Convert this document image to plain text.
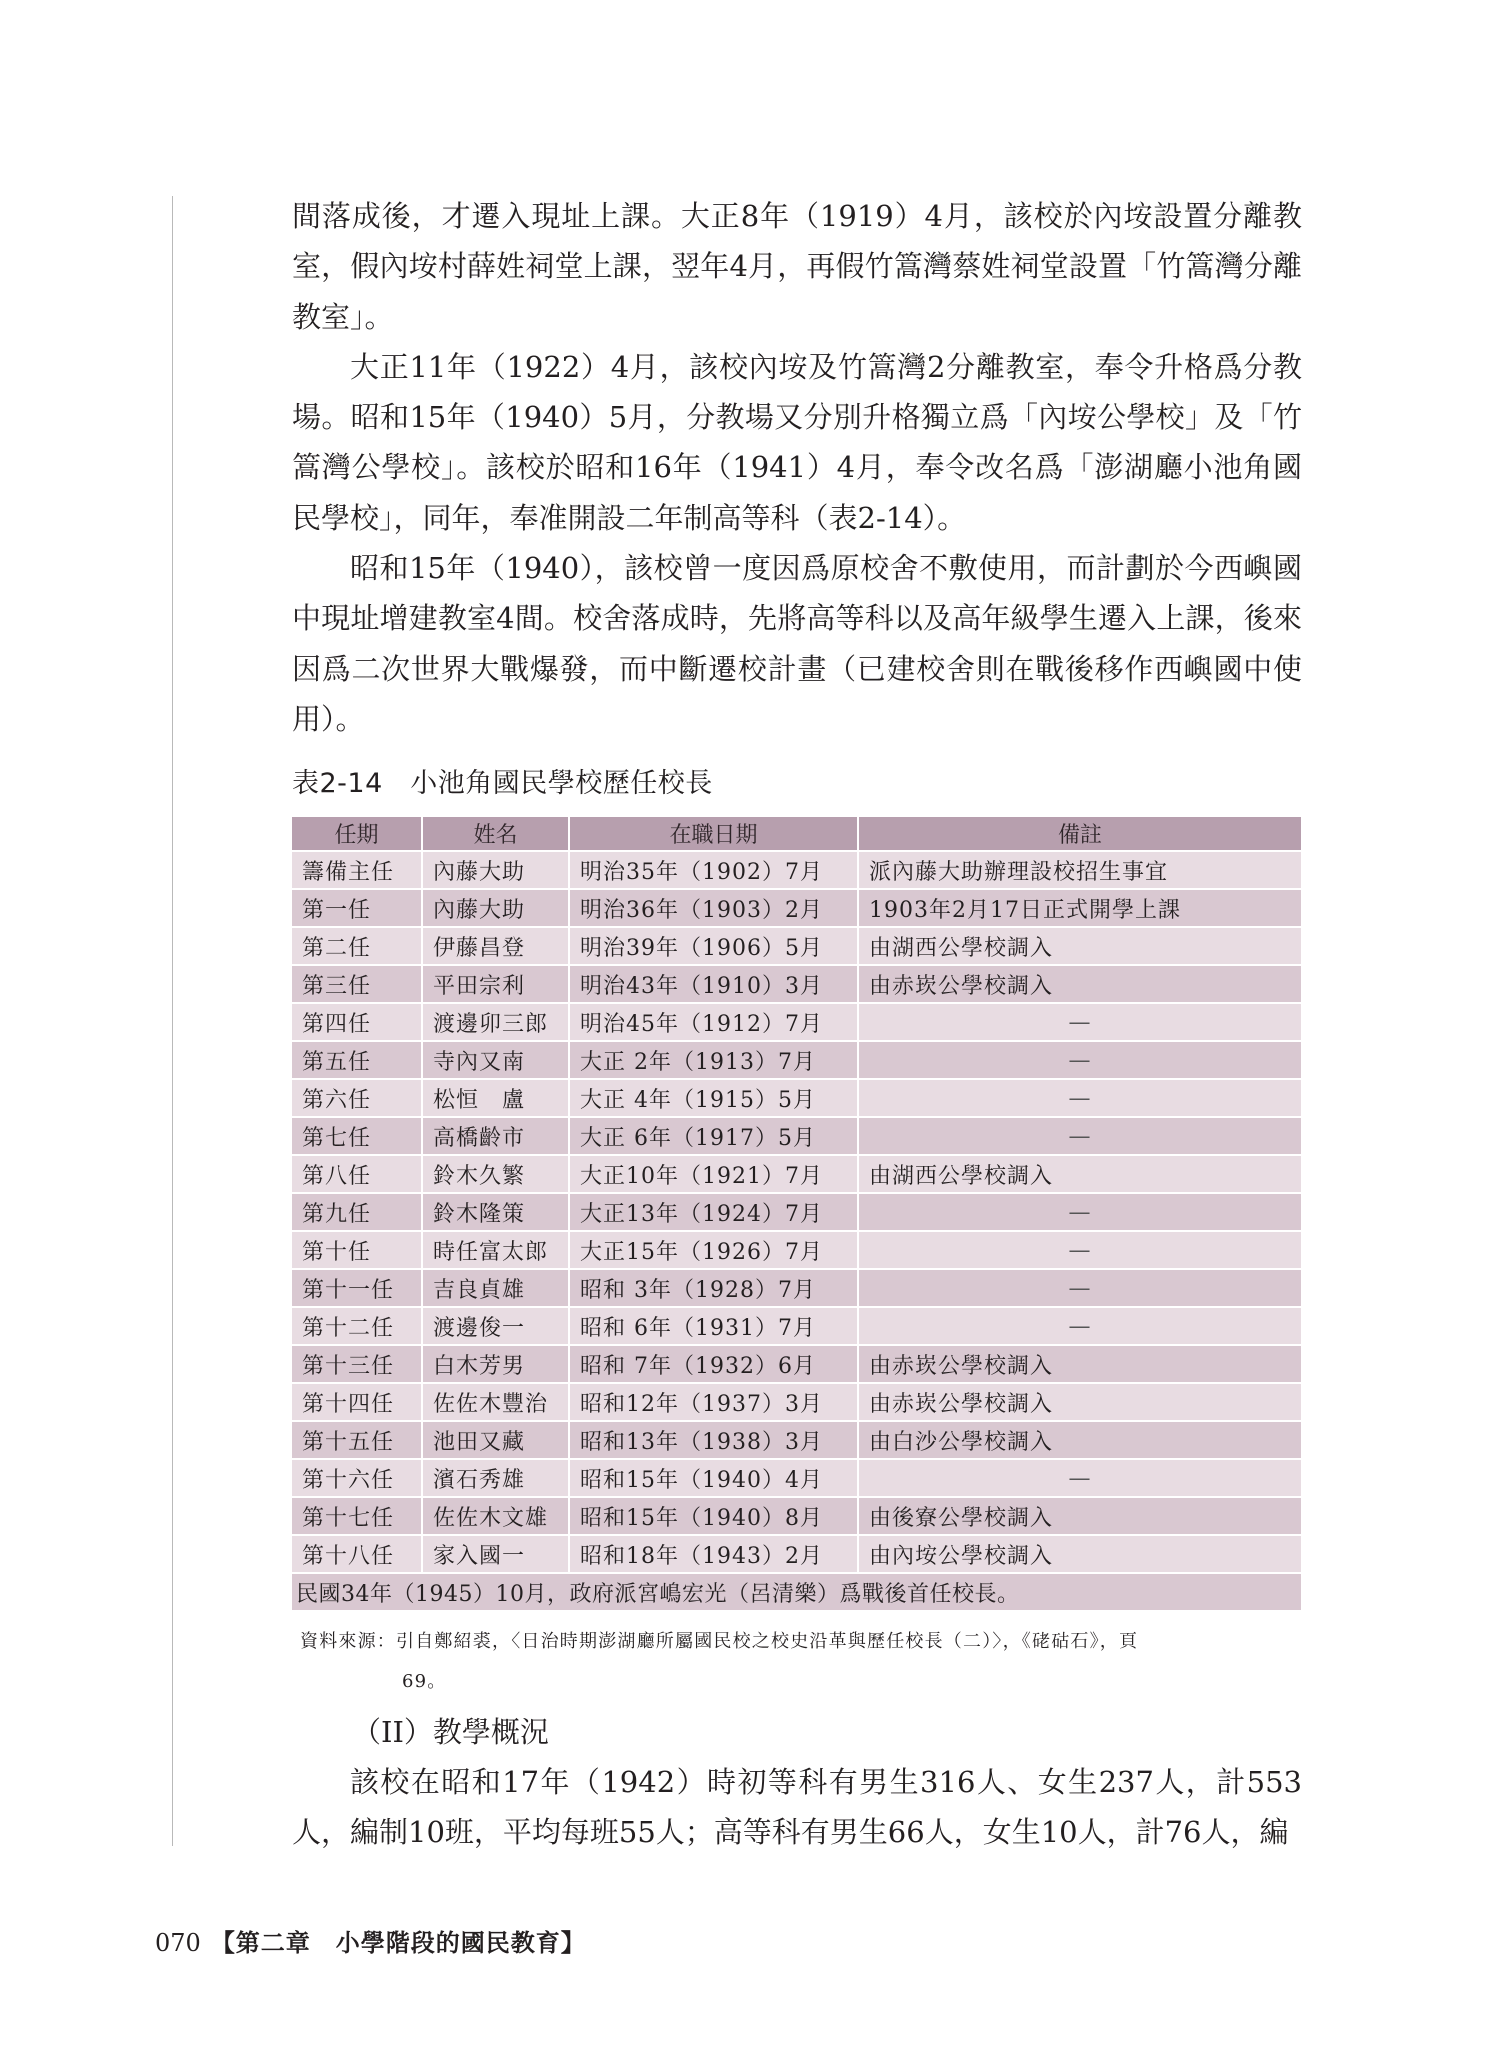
間落成後，才遷入現址上課。大正8年（1919）4月，該校於內垵設置分離教室，假內垵村薛姓祠堂上課，翌年4月，再假竹篙灣蔡姓祠堂設置「竹篙灣分離教室」。

大正11年（1922）4月，該校內垵及竹篙灣2分離教室，奉令升格爲分教場。昭和15年（1940）5月，分教場又分別升格獨立爲「內垵公學校」及「竹篙灣公學校」。該校於昭和16年（1941）4月，奉令改名爲「澎湖廳小池角國民學校」，同年，奉准開設二年制高等科（表2-14）。

昭和15年（1940），該校曾一度因爲原校舍不敷使用，而計劃於今西嶼國中現址增建教室4間。校舍落成時，先將高等科以及高年級學生遷入上課，後來因爲二次世界大戰爆發，而中斷遷校計畫（已建校舍則在戰後移作西嶼國中使用）。

表2-14　小池角國民學校歷任校長
任期	姓名	在職日期	備註
籌備主任	內藤大助	明治35年（1902）7月	派內藤大助辦理設校招生事宜
第一任	內藤大助	明治36年（1903）2月	1903年2月17日正式開學上課
第二任	伊藤昌登	明治39年（1906）5月	由湖西公學校調入
第三任	平田宗利	明治43年（1910）3月	由赤崁公學校調入
第四任	渡邊卯三郎	明治45年（1912）7月	—
第五任	寺內又南	大正 2年（1913）7月	—
第六任	松恒　盧	大正 4年（1915）5月	—
第七任	高橋齡市	大正 6年（1917）5月	—
第八任	鈴木久繁	大正10年（1921）7月	由湖西公學校調入
第九任	鈴木隆策	大正13年（1924）7月	—
第十任	時任富太郎	大正15年（1926）7月	—
第十一任	吉良貞雄	昭和 3年（1928）7月	—
第十二任	渡邊俊一	昭和 6年（1931）7月	—
第十三任	白木芳男	昭和 7年（1932）6月	由赤崁公學校調入
第十四任	佐佐木豐治	昭和12年（1937）3月	由赤崁公學校調入
第十五任	池田又藏	昭和13年（1938）3月	由白沙公學校調入
第十六任	濱石秀雄	昭和15年（1940）4月	—
第十七任	佐佐木文雄	昭和15年（1940）8月	由後寮公學校調入
第十八任	家入國一	昭和18年（1943）2月	由內垵公學校調入
民國34年（1945）10月，政府派宮嶋宏光（呂清樂）爲戰後首任校長。			
資料來源：引自鄭紹裘，〈日治時期澎湖廳所屬國民校之校史沿革與歷任校長（二）〉，《硓𥑮石》，頁
69。
（II）教學概況

該校在昭和17年（1942）時初等科有男生316人、女生237人，計553人，編制10班，平均每班55人；高等科有男生66人，女生10人，計76人，編

070 【第二章　小學階段的國民教育】
